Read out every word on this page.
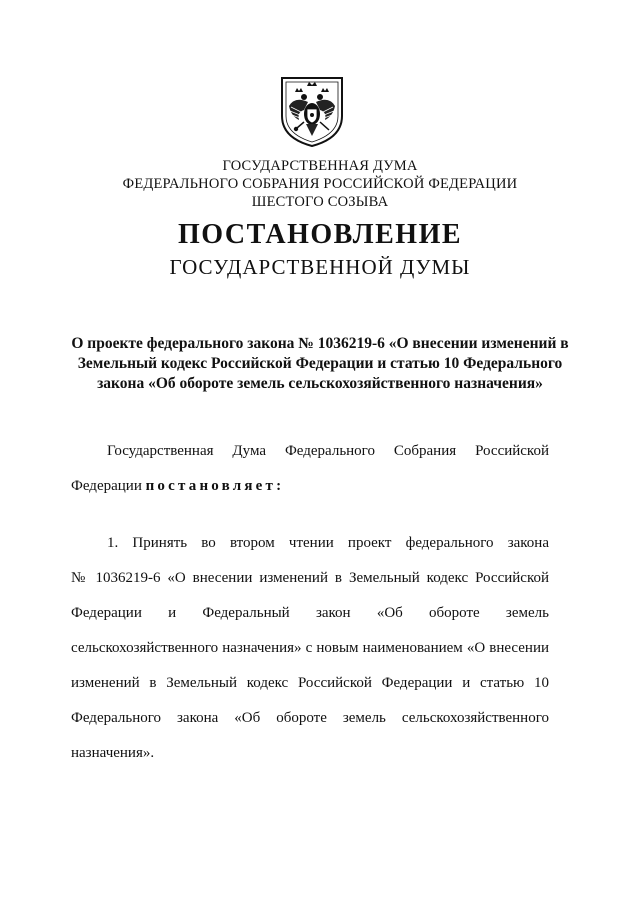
ГОСУДАРСТВЕННАЯ ДУМА
ФЕДЕРАЛЬНОГО СОБРАНИЯ РОССИЙСКОЙ ФЕДЕРАЦИИ
ШЕСТОГО СОЗЫВА
ПОСТАНОВЛЕНИЕ
ГОСУДАРСТВЕННОЙ ДУМЫ
О проекте федерального закона № 1036219-6 «О внесении изменений в
Земельный кодекс Российской Федерации и статью 10 Федерального
закона «Об обороте земель сельскохозяйственного назначения»
Государственная Дума Федерального Собрания Российской
Федерации постановляет:
1. Принять во втором чтении проект федерального закона
№ 1036219-6 «О внесении изменений в Земельный кодекс Российской
Федерации и Федеральный закон «Об обороте земель
сельскохозяйственного назначения» с новым наименованием «О внесении
изменений в Земельный кодекс Российской Федерации и статью 10
Федерального закона «Об обороте земель сельскохозяйственного
назначения».
